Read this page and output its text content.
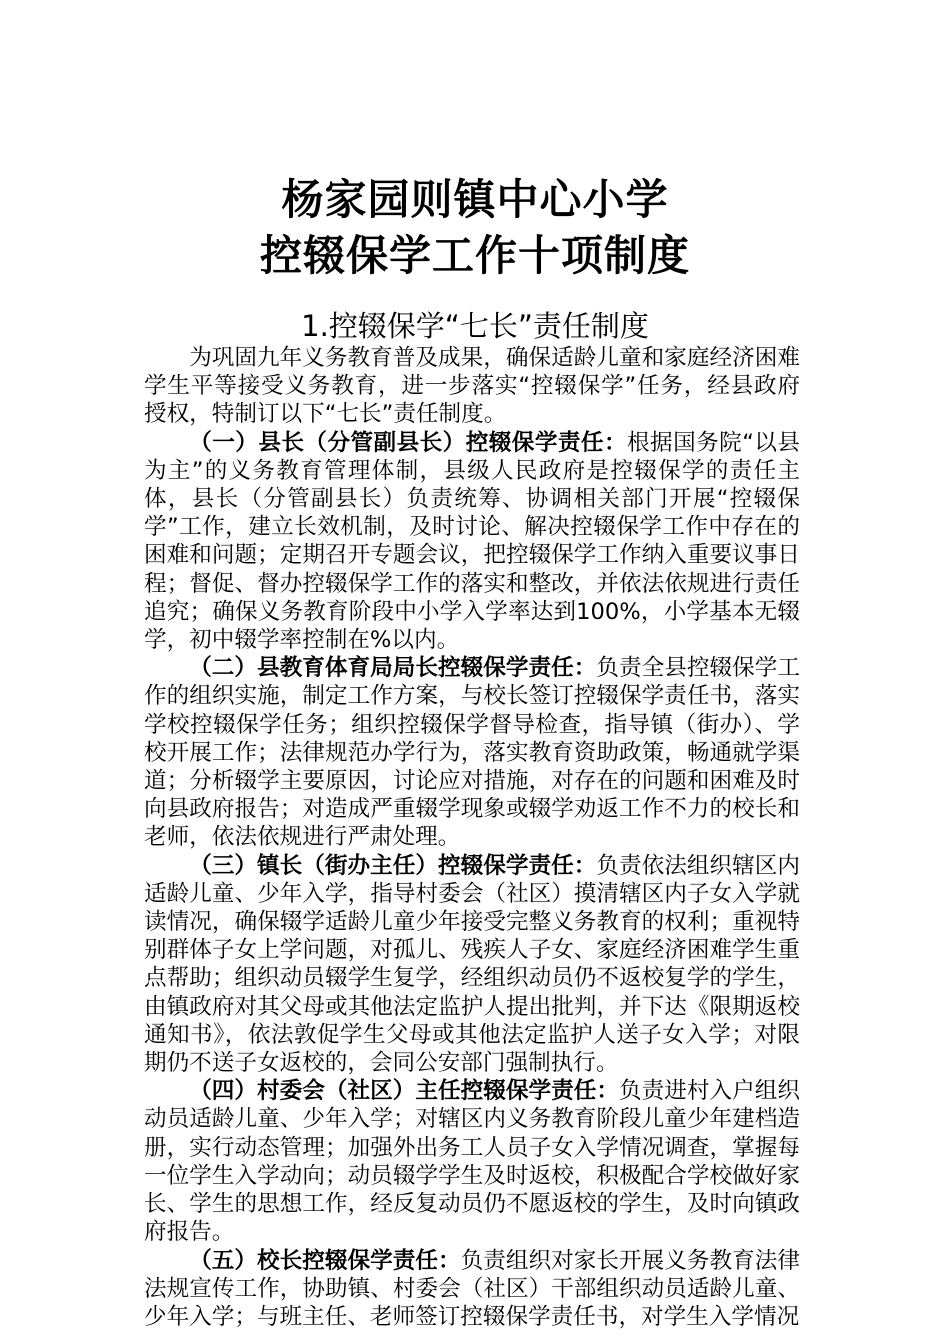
杨家园则镇中心小学

控辍保学工作十项制度

1.控辍保学“七长”责任制度

为巩固九年义务教育普及成果，确保适龄儿童和家庭经济困难学生平等接受义务教育，进一步落实“控辍保学”任务，经县政府授权，特制订以下“七长”责任制度。

（一）县长（分管副县长）控辍保学责任：根据国务院“以县为主”的义务教育管理体制，县级人民政府是控辍保学的责任主体，县长（分管副县长）负责统筹、协调相关部门开展“控辍保学”工作，建立长效机制，及时讨论、解决控辍保学工作中存在的困难和问题；定期召开专题会议，把控辍保学工作纳入重要议事日程；督促、督办控辍保学工作的落实和整改，并依法依规进行责任追究；确保义务教育阶段中小学入学率达到100%，小学基本无辍学，初中辍学率控制在%以内。

（二）县教育体育局局长控辍保学责任：负责全县控辍保学工作的组织实施，制定工作方案，与校长签订控辍保学责任书，落实学校控辍保学任务；组织控辍保学督导检查，指导镇（街办）、学校开展工作；法律规范办学行为，落实教育资助政策，畅通就学渠道；分析辍学主要原因，讨论应对措施，对存在的问题和困难及时向县政府报告；对造成严重辍学现象或辍学劝返工作不力的校长和老师，依法依规进行严肃处理。

（三）镇长（街办主任）控辍保学责任：负责依法组织辖区内适龄儿童、少年入学，指导村委会（社区）摸清辖区内子女入学就读情况，确保辍学适龄儿童少年接受完整义务教育的权利；重视特别群体子女上学问题，对孤儿、残疾人子女、家庭经济困难学生重点帮助；组织动员辍学生复学，经组织动员仍不返校复学的学生，由镇政府对其父母或其他法定监护人提出批判，并下达《限期返校通知书》，依法敦促学生父母或其他法定监护人送子女入学；对限期仍不送子女返校的，会同公安部门强制执行。

（四）村委会（社区）主任控辍保学责任：负责进村入户组织动员适龄儿童、少年入学；对辖区内义务教育阶段儿童少年建档造册，实行动态管理；加强外出务工人员子女入学情况调查，掌握每一位学生入学动向；动员辍学学生及时返校，积极配合学校做好家长、学生的思想工作，经反复动员仍不愿返校的学生，及时向镇政府报告。

（五）校长控辍保学责任：负责组织对家长开展义务教育法律法规宣传工作，协助镇、村委会（社区）干部组织动员适龄儿童、少年入学；与班主任、老师签订控辍保学责任书，对学生入学情况
